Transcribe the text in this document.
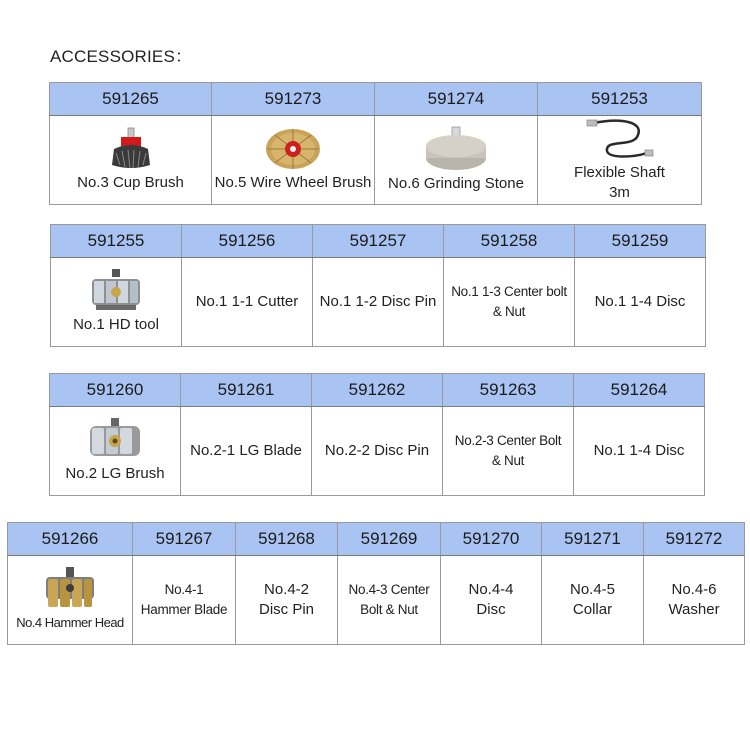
ACCESSORIES：
591265	591273	591274	591253

No.3 Cup Brush	No.5 Wire Wheel Brush	No.6 Grinding Stone	Flexible Shaft
3m
591255	591256	591257	591258	591259

No.1 HD tool	No.1 1-1 Cutter	No.1 1-2 Disc Pin	No.1 1-3 Center bolt
& Nut	No.1 1-4 Disc
591260	591261	591262	591263	591264

No.2 LG Brush	No.2-1 LG Blade	No.2-2 Disc Pin	No.2-3 Center Bolt
& Nut	No.1 1-4 Disc
591266	591267	591268	591269	591270	591271	591272

No.4 Hammer Head	No.4-1
Hammer Blade	No.4-2
Disc Pin	No.4-3 Center
Bolt & Nut	No.4-4
Disc	No.4-5
Collar	No.4-6
Washer
